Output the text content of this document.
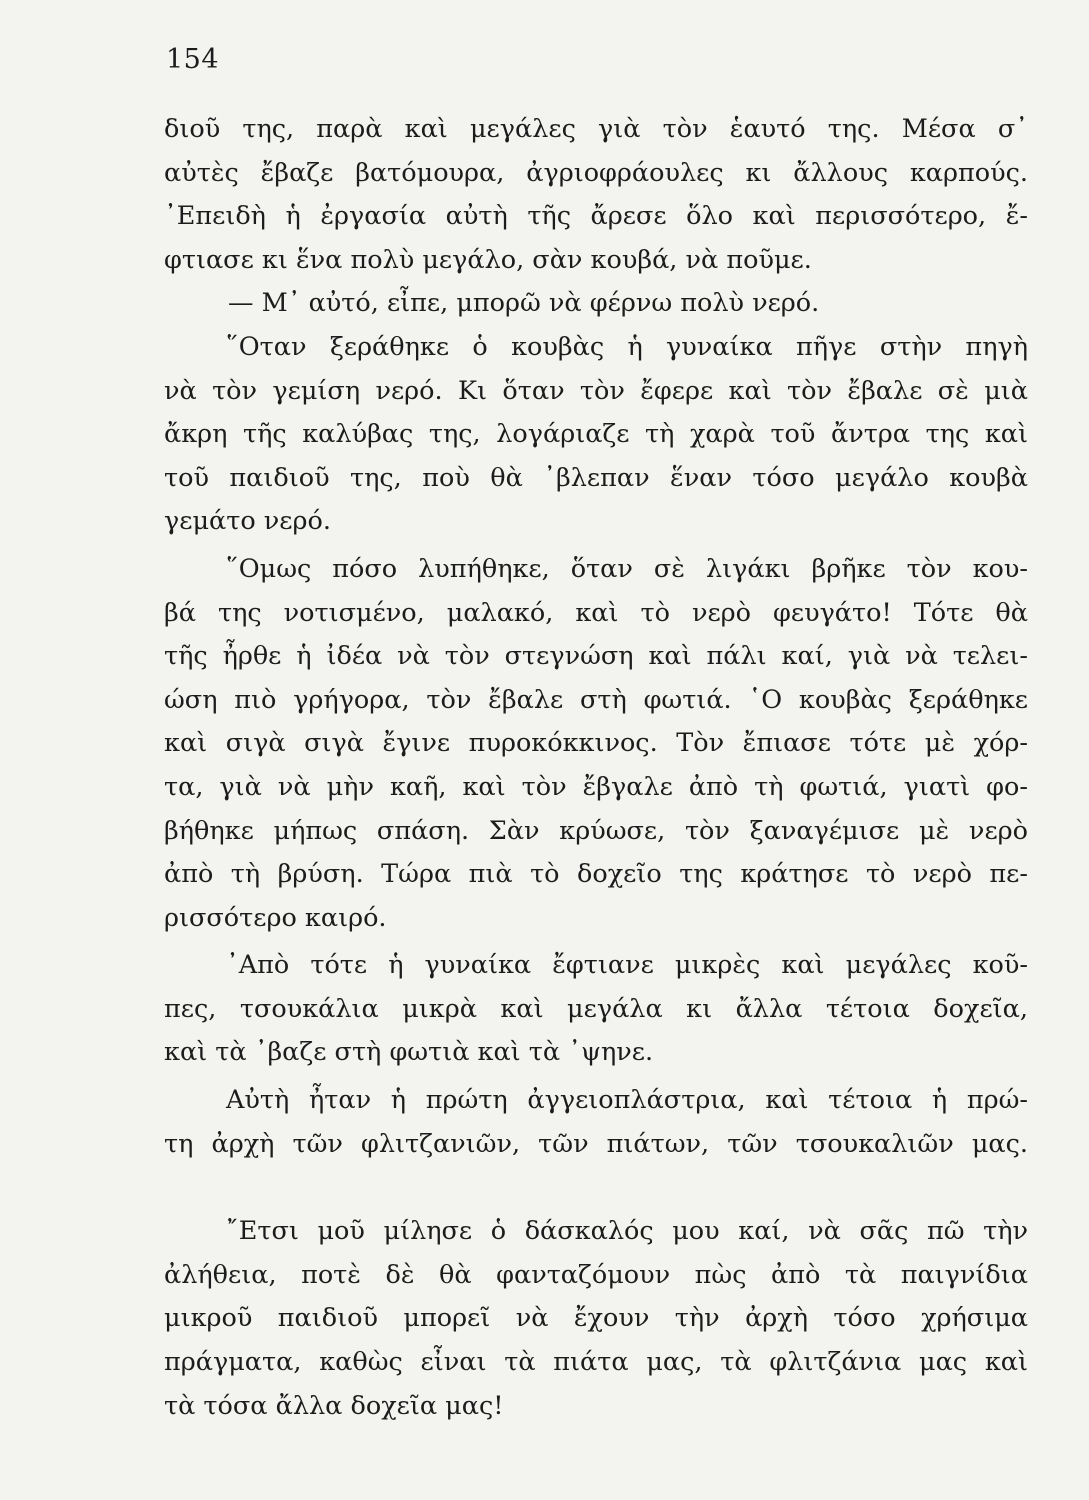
154
διοῦ της, παρὰ καὶ μεγάλες γιὰ τὸν ἑαυτό της. Μέσα σ᾽
αὐτὲς ἔβαζε βατόμουρα, ἀγριοφράουλες κι ἄλλους καρπούς.
᾽Επειδὴ ἡ ἐργασία αὐτὴ τῆς ἄρεσε ὅλο καὶ περισσότερο, ἔ-
φτιασε κι ἕνα πολὺ μεγάλο, σὰν κουβά, νὰ ποῦμε.
— Μ᾽ αὐτό, εἶπε, μπορῶ νὰ φέρνω πολὺ νερό.
῞Οταν ξεράθηκε ὁ κουβὰς ἡ γυναίκα πῆγε στὴν πηγὴ
νὰ τὸν γεμίση νερό. Κι ὅταν τὸν ἔφερε καὶ τὸν ἔβαλε σὲ μιὰ
ἄκρη τῆς καλύβας της, λογάριαζε τὴ χαρὰ τοῦ ἄντρα της καὶ
τοῦ παιδιοῦ της, ποὺ θὰ ᾽βλεπαν ἕναν τόσο μεγάλο κουβὰ
γεμάτο νερό.
῞Ομως πόσο λυπήθηκε, ὅταν σὲ λιγάκι βρῆκε τὸν κου-
βά της νοτισμένο, μαλακό, καὶ τὸ νερὸ φευγάτο! Τότε θὰ
τῆς ἦρθε ἡ ἰδέα νὰ τὸν στεγνώση καὶ πάλι καί, γιὰ νὰ τελει-
ώση πιὸ γρήγορα, τὸν ἔβαλε στὴ φωτιά. ῾Ο κουβὰς ξεράθηκε
καὶ σιγὰ σιγὰ ἔγινε πυροκόκκινος. Τὸν ἔπιασε τότε μὲ χόρ-
τα, γιὰ νὰ μὴν καῆ, καὶ τὸν ἔβγαλε ἀπὸ τὴ φωτιά, γιατὶ φο-
βήθηκε μήπως σπάση. Σὰν κρύωσε, τὸν ξαναγέμισε μὲ νερὸ
ἀπὸ τὴ βρύση. Τώρα πιὰ τὸ δοχεῖο της κράτησε τὸ νερὸ πε-
ρισσότερο καιρό.
᾽Απὸ τότε ἡ γυναίκα ἔφτιανε μικρὲς καὶ μεγάλες κοῦ-
πες, τσουκάλια μικρὰ καὶ μεγάλα κι ἄλλα τέτοια δοχεῖα,
καὶ τὰ ᾽βαζε στὴ φωτιὰ καὶ τὰ ᾽ψηνε.
Αὐτὴ ἦταν ἡ πρώτη ἀγγειοπλάστρια, καὶ τέτοια ἡ πρώ-
τη ἀρχὴ τῶν φλιτζανιῶν, τῶν πιάτων, τῶν τσουκαλιῶν μας.
῎Ετσι μοῦ μίλησε ὁ δάσκαλός μου καί, νὰ σᾶς πῶ τὴν
ἀλήθεια, ποτὲ δὲ θὰ φανταζόμουν πὼς ἀπὸ τὰ παιγνίδια
μικροῦ παιδιοῦ μπορεῖ νὰ ἔχουν τὴν ἀρχὴ τόσο χρήσιμα
πράγματα, καθὼς εἶναι τὰ πιάτα μας, τὰ φλιτζάνια μας καὶ
τὰ τόσα ἄλλα δοχεῖα μας!
